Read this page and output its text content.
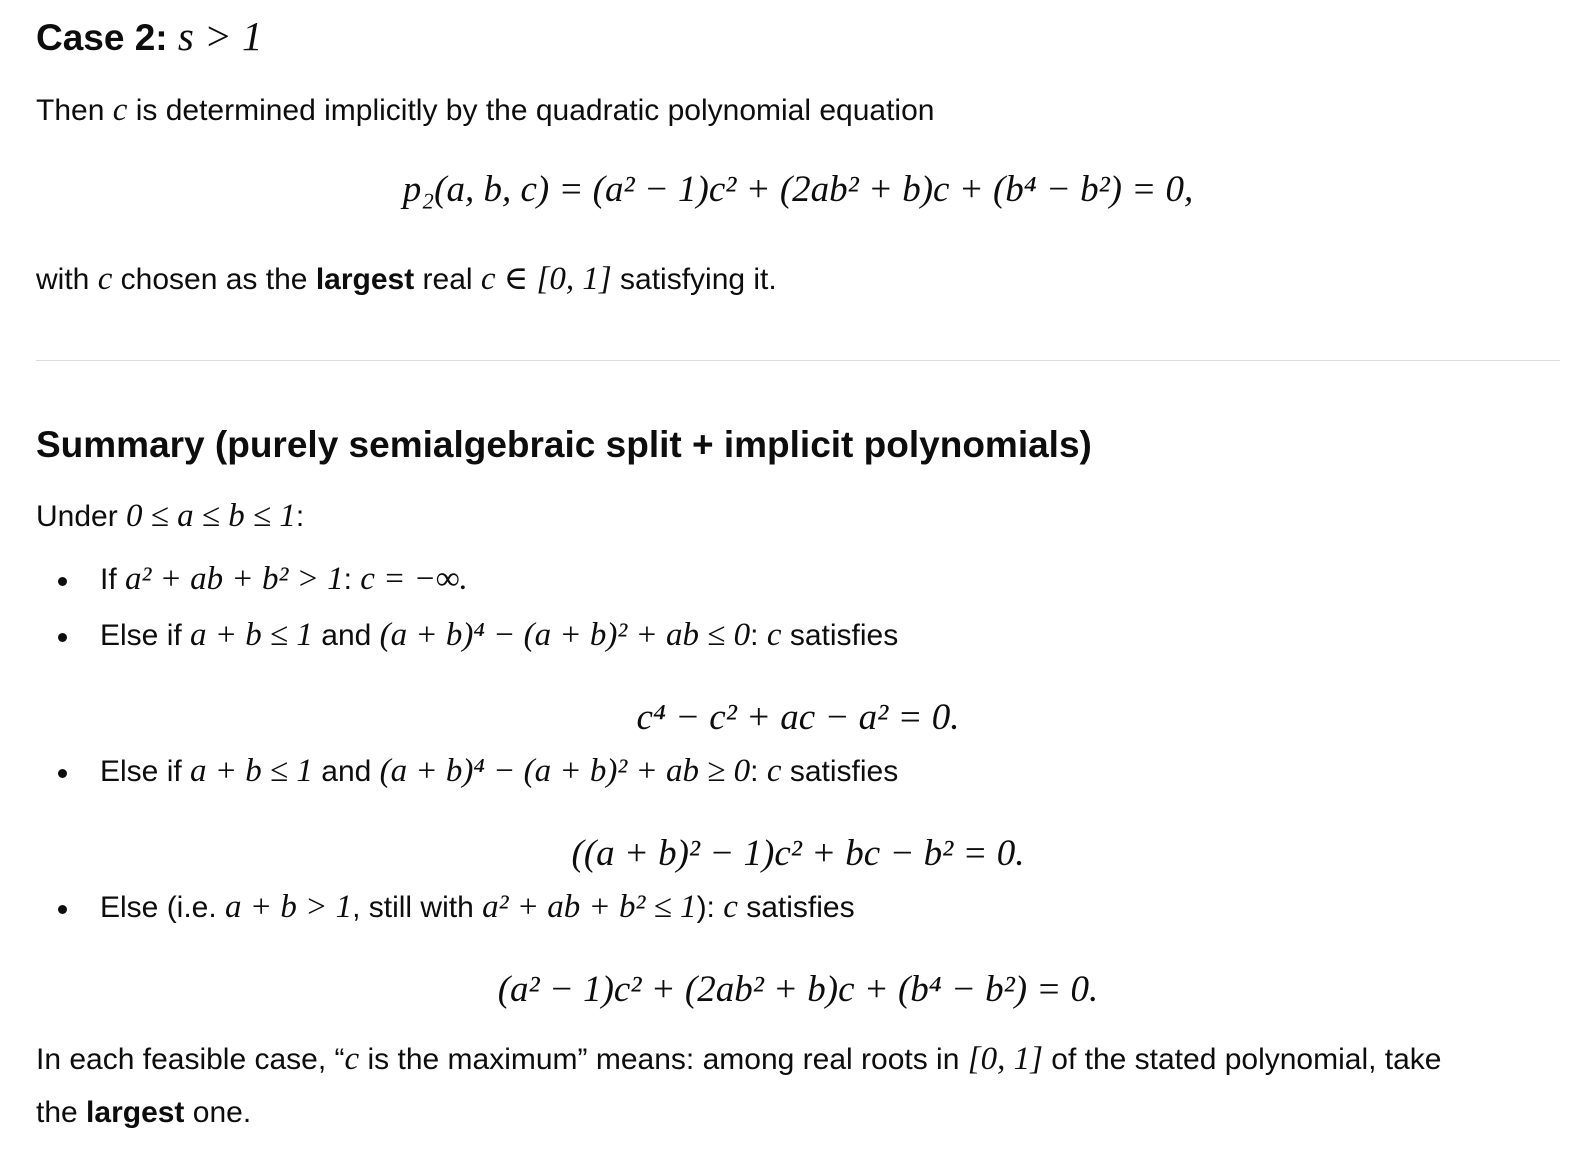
Case 2: s > 1
Then c is determined implicitly by the quadratic polynomial equation
p₂(a, b, c) = (a² − 1)c² + (2ab² + b)c + (b⁴ − b²) = 0,
with c chosen as the largest real c ∈ [0, 1] satisfying it.
Summary (purely semialgebraic split + implicit polynomials)
Under 0 ≤ a ≤ b ≤ 1:
If a² + ab + b² > 1: c = −∞.
Else if a + b ≤ 1 and (a + b)⁴ − (a + b)² + ab ≤ 0: c satisfies
c⁴ − c² + ac − a² = 0.
Else if a + b ≤ 1 and (a + b)⁴ − (a + b)² + ab ≥ 0: c satisfies
((a + b)² − 1)c² + bc − b² = 0.
Else (i.e. a + b > 1, still with a² + ab + b² ≤ 1): c satisfies
(a² − 1)c² + (2ab² + b)c + (b⁴ − b²) = 0.
In each feasible case, “c is the maximum” means: among real roots in [0, 1] of the stated polynomial, take
the largest one.
